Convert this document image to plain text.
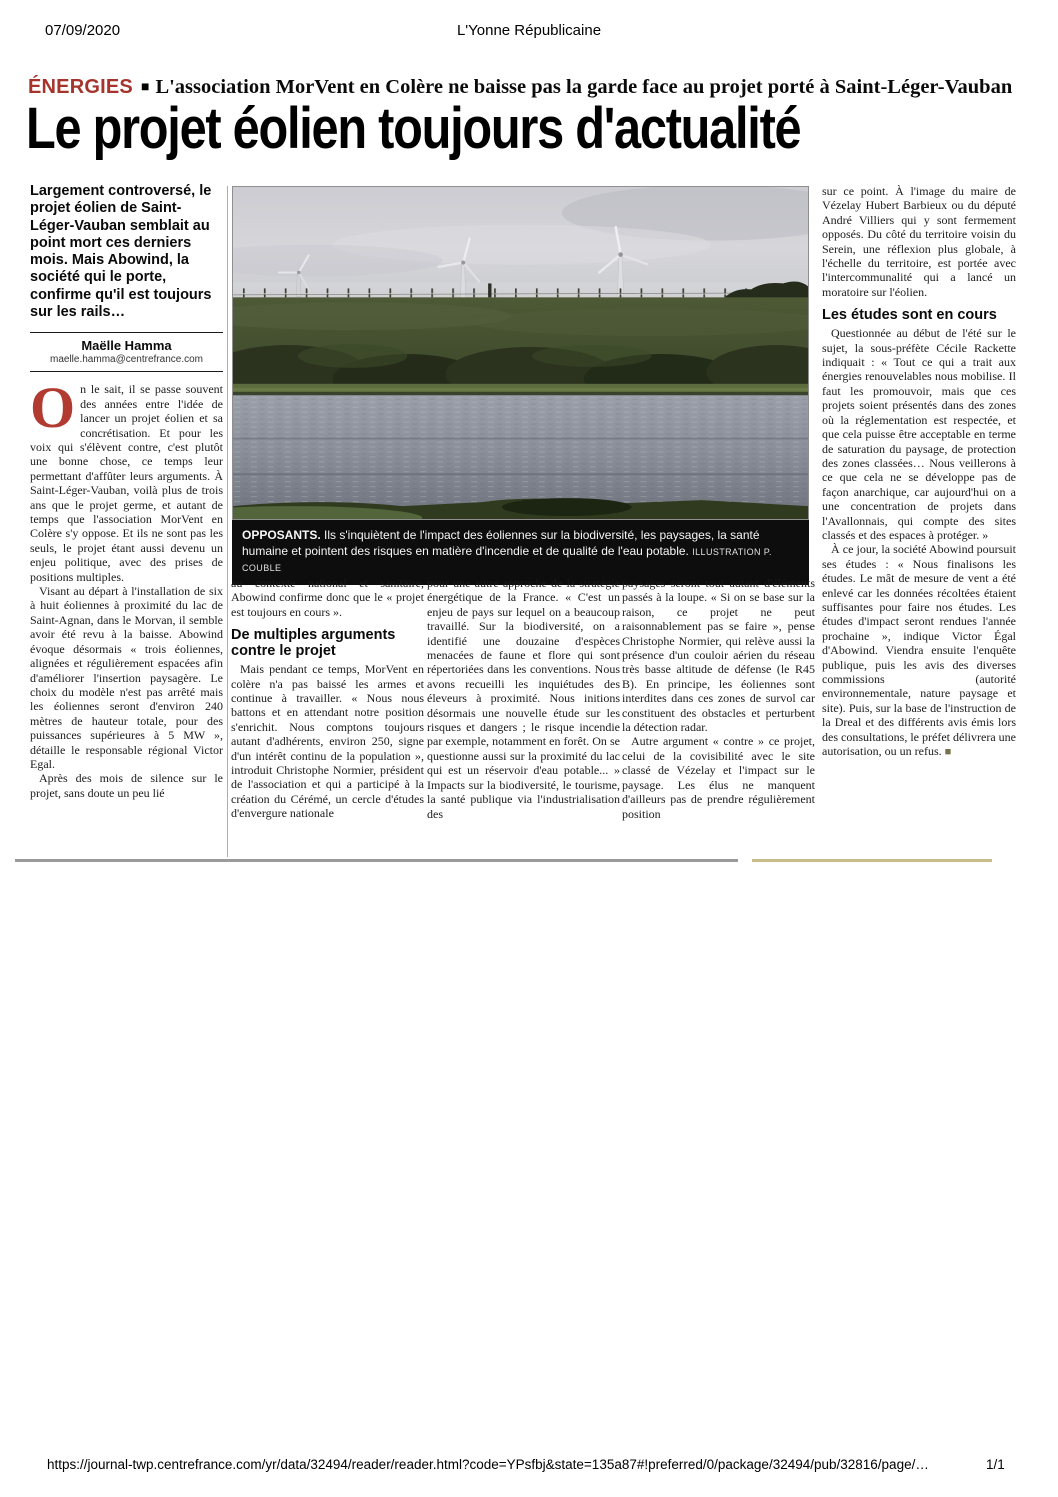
07/09/2020	L'Yonne Républicaine
ÉNERGIES ■ L'association MorVent en Colère ne baisse pas la garde face au projet porté à Saint-Léger-Vauban
Le projet éolien toujours d'actualité
Largement controversé, le projet éolien de Saint-Léger-Vauban semblait au point mort ces derniers mois. Mais Abowind, la société qui le porte, confirme qu'il est toujours sur les rails…
Maëlle Hamma
maelle.hamma@centrefrance.com

On le sait, il se passe souvent des années entre l'idée de lancer un projet éolien et sa concrétisation. Et pour les voix qui s'élèvent contre, c'est plutôt une bonne chose, ce temps leur permettant d'affûter leurs arguments. À Saint-Léger-Vauban, voilà plus de trois ans que le projet germe, et autant de temps que l'association MorVent en Colère s'y oppose. Et ils ne sont pas les seuls, le projet étant aussi devenu un enjeu politique, avec des prises de positions multiples.

Visant au départ à l'installation de six à huit éoliennes à proximité du lac de Saint-Agnan, dans le Morvan, il semble avoir été revu à la baisse. Abowind évoque désormais « trois éoliennes, alignées et régulièrement espacées afin d'améliorer l'insertion paysagère. Le choix du modèle n'est pas arrêté mais les éoliennes seront d'environ 240 mètres de hauteur totale, pour des puissances supérieures à 5 MW », détaille le responsable régional Victor Egal.

Après des mois de silence sur le projet, sans doute un peu lié

OPPOSANTS. Ils s'inquiètent de l'impact des éoliennes sur la biodiversité, les paysages, la santé humaine et pointent des risques en matière d'incendie et de qualité de l'eau potable. ILLUSTRATION P. COUBLE

au contexte national et sanitaire, Abowind confirme donc que le « projet est toujours en cours ».

De multiples arguments contre le projet

Mais pendant ce temps, MorVent en colère n'a pas baissé les armes et continue à travailler. « Nous nous battons et en attendant notre position s'enrichit. Nous comptons toujours autant d'adhérents, environ 250, signe d'un intérêt continu de la population », introduit Christophe Normier, président de l'association et qui a participé à la création du Cérémé, un cercle d'études d'envergure nationale

pour une autre approche de la stratégie énergétique de la France. « C'est un enjeu de pays sur lequel on a beaucoup travaillé. Sur la biodiversité, on a identifié une douzaine d'espèces menacées de faune et flore qui sont répertoriées dans les conventions. Nous avons recueilli les inquiétudes des éleveurs à proximité. Nous initions désormais une nouvelle étude sur les risques et dangers ; le risque incendie par exemple, notamment en forêt. On se questionne aussi sur la proximité du lac qui est un réservoir d'eau potable... » Impacts sur la biodiversité, le tourisme, la santé publique via l'industrialisation des

paysages seront tout autant d'éléments passés à la loupe. « Si on se base sur la raison, ce projet ne peut raisonnablement pas se faire », pense Christophe Normier, qui relève aussi la présence d'un couloir aérien du réseau très basse altitude de défense (le R45 B). En principe, les éoliennes sont interdites dans ces zones de survol car constituent des obstacles et perturbent la détection radar.

Autre argument « contre » ce projet, celui de la covisibilité avec le site classé de Vézelay et l'impact sur le paysage. Les élus ne manquent d'ailleurs pas de prendre régulièrement position

sur ce point. À l'image du maire de Vézelay Hubert Barbieux ou du député André Villiers qui y sont fermement opposés. Du côté du territoire voisin du Serein, une réflexion plus globale, à l'échelle du territoire, est portée avec l'intercommunalité qui a lancé un moratoire sur l'éolien.

Les études sont en cours

Questionnée au début de l'été sur le sujet, la sous-préfète Cécile Rackette indiquait : « Tout ce qui a trait aux énergies renouvelables nous mobilise. Il faut les promouvoir, mais que ces projets soient présentés dans des zones où la réglementation est respectée, et que cela puisse être acceptable en terme de saturation du paysage, de protection des zones classées… Nous veillerons à ce que cela ne se développe pas de façon anarchique, car aujourd'hui on a une concentration de projets dans l'Avallonnais, qui compte des sites classés et des espaces à protéger. »

À ce jour, la société Abowind poursuit ses études : « Nous finalisons les études. Le mât de mesure de vent a été enlevé car les données récoltées étaient suffisantes pour faire nos études. Les études d'impact seront rendues l'année prochaine », indique Victor Égal d'Abowind. Viendra ensuite l'enquête publique, puis les avis des diverses commissions (autorité environnementale, nature paysage et site). Puis, sur la base de l'instruction de la Dreal et des différents avis émis lors des consultations, le préfet délivrera une autorisation, ou un refus. ■

https://journal-twp.centrefrance.com/yr/data/32494/reader/reader.html?code=YPsfbj&state=135a87#!preferred/0/package/32494/pub/32816/page/…	1/1
